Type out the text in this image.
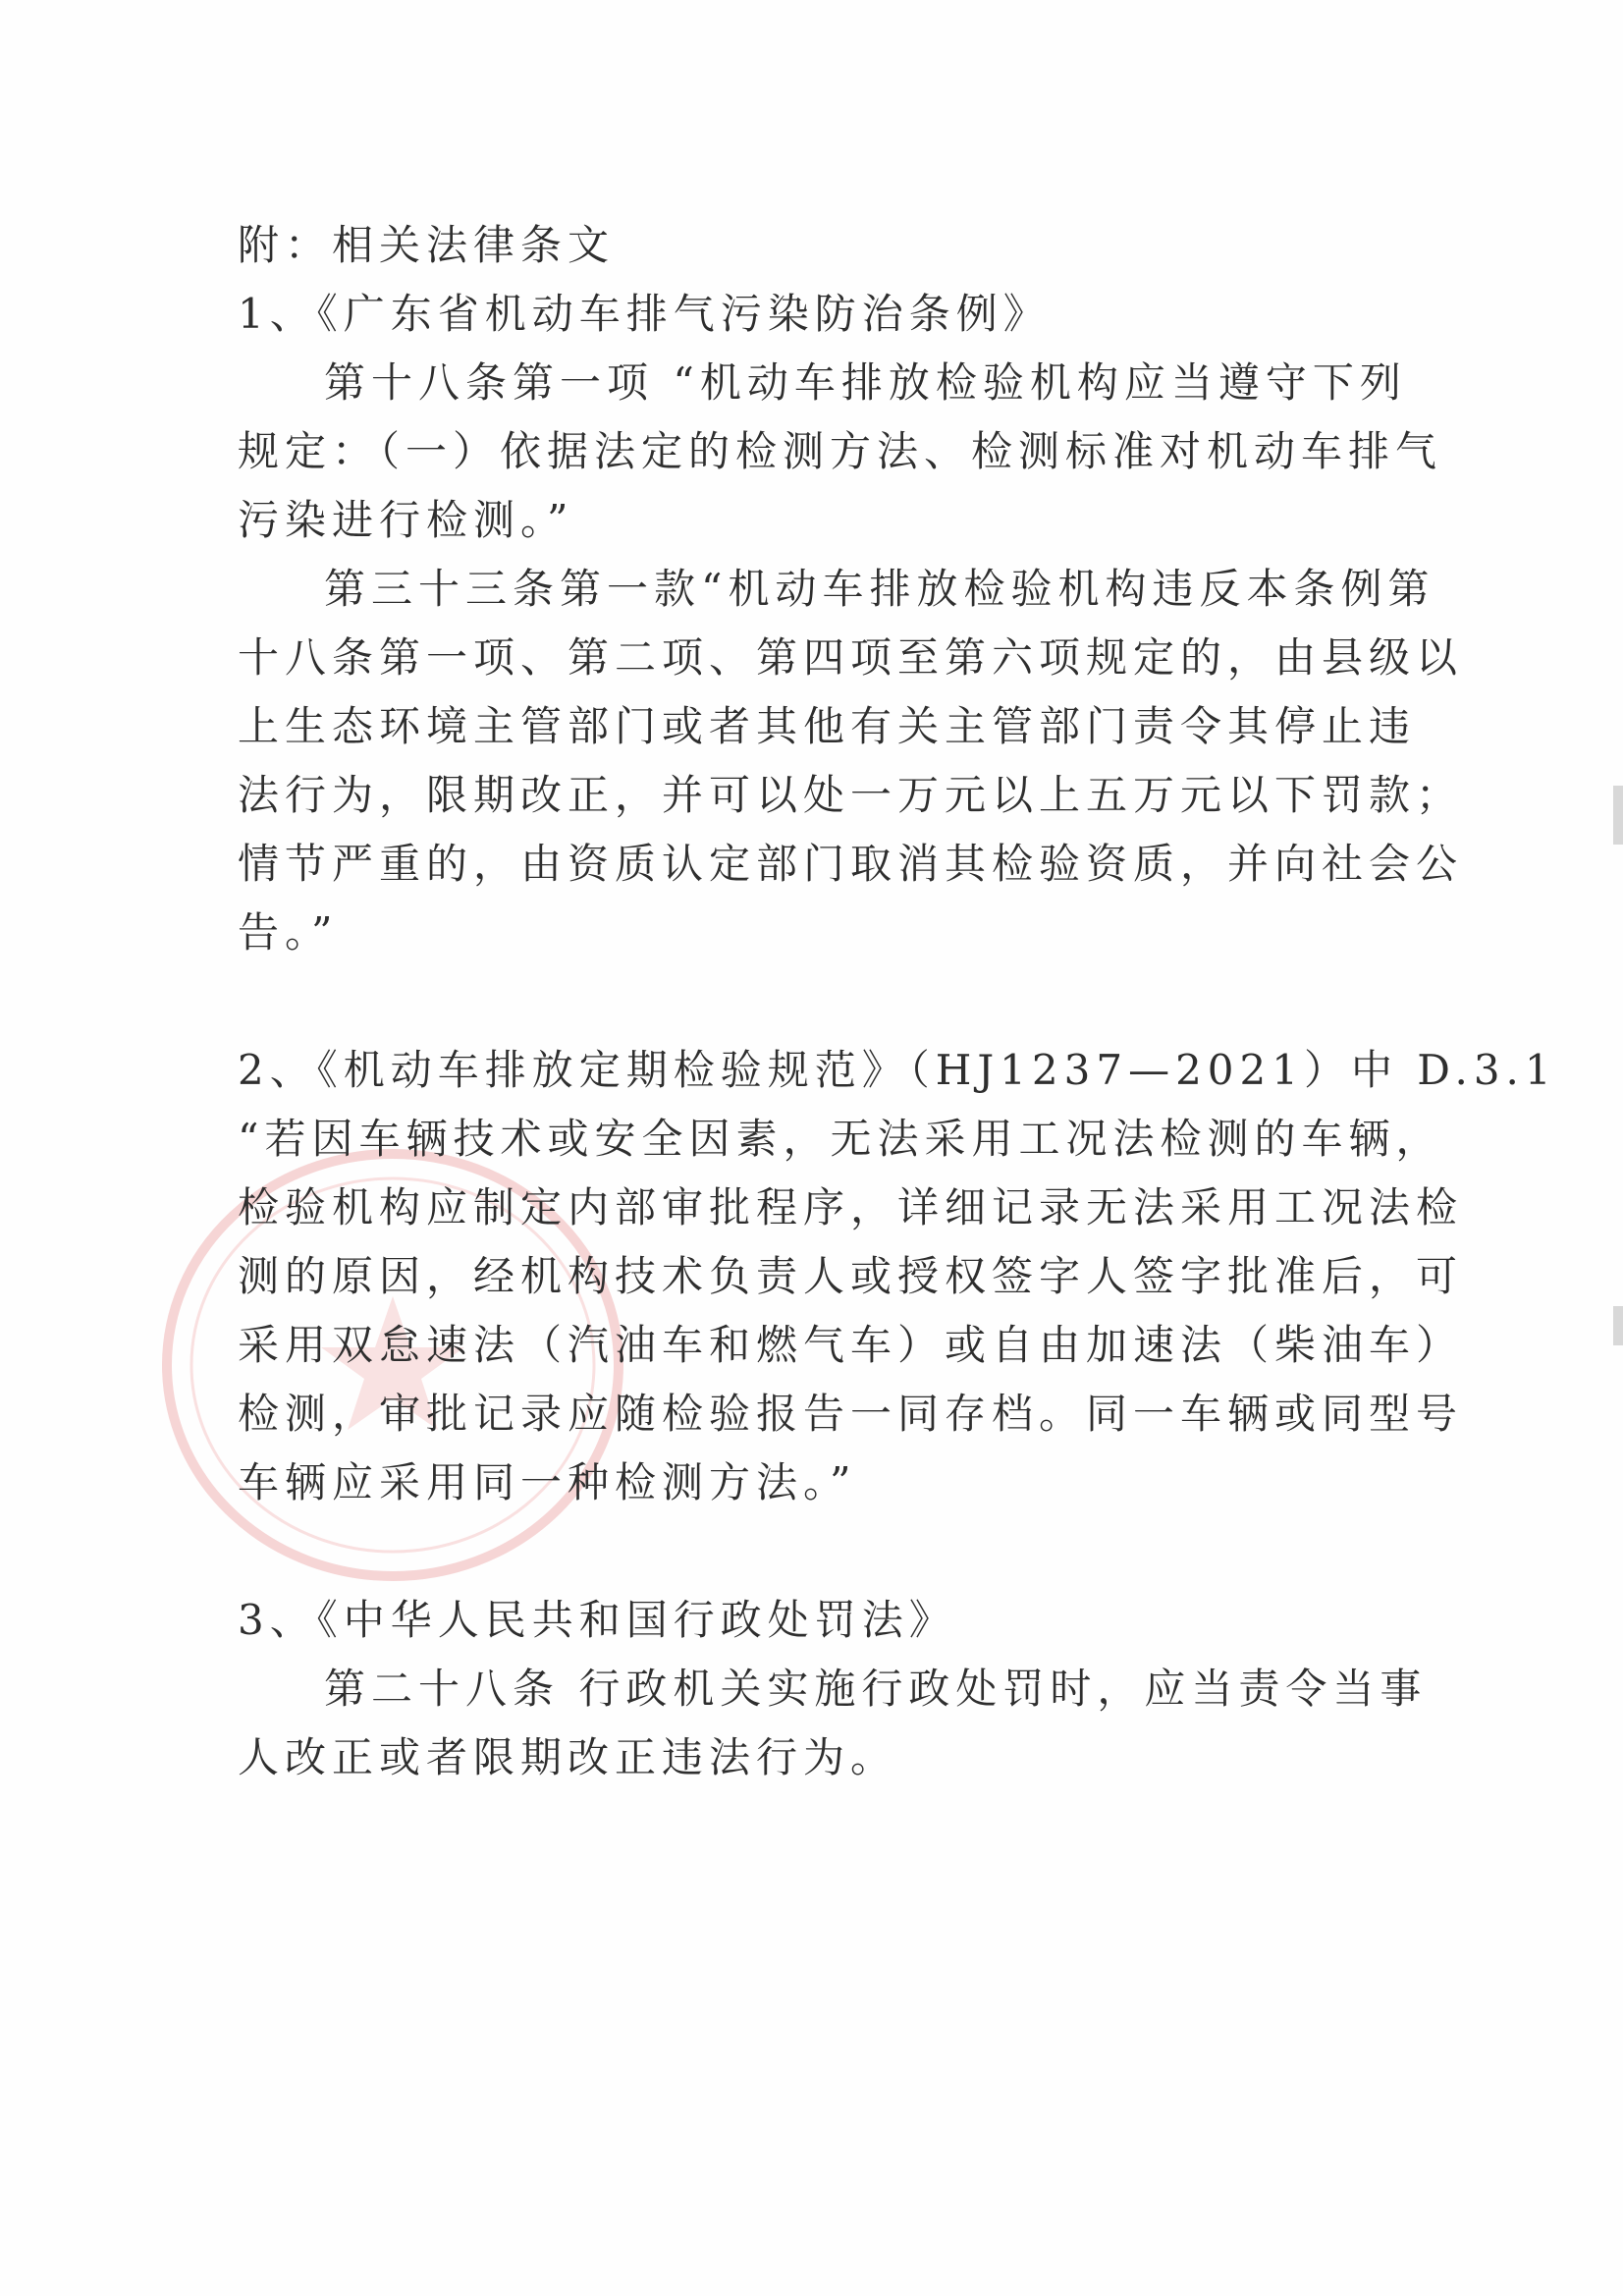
附：相关法律条文
1、《广东省机动车排气污染防治条例》
第十八条第一项 “机动车排放检验机构应当遵守下列
规定：（一）依据法定的检测方法、检测标准对机动车排气
污染进行检测。”
第三十三条第一款“机动车排放检验机构违反本条例第
十八条第一项、第二项、第四项至第六项规定的，由县级以
上生态环境主管部门或者其他有关主管部门责令其停止违
法行为，限期改正，并可以处一万元以上五万元以下罚款；
情节严重的，由资质认定部门取消其检验资质，并向社会公
告。”
2、《机动车排放定期检验规范》（HJ1237—2021）中 D.3.1
“若因车辆技术或安全因素，无法采用工况法检测的车辆，
检验机构应制定内部审批程序，详细记录无法采用工况法检
测的原因，经机构技术负责人或授权签字人签字批准后，可
采用双怠速法（汽油车和燃气车）或自由加速法（柴油车）
检测，审批记录应随检验报告一同存档。同一车辆或同型号
车辆应采用同一种检测方法。”
3、《中华人民共和国行政处罚法》
第二十八条 行政机关实施行政处罚时，应当责令当事
人改正或者限期改正违法行为。
